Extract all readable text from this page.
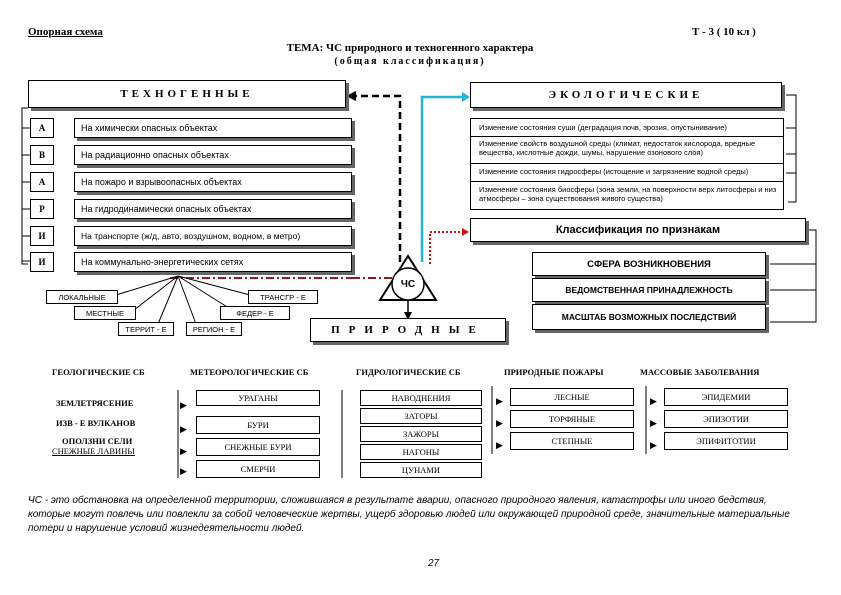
Опорная схема	Т - 3 ( 10 кл )
ТЕМА: ЧС природного и техногенного характера
(общая классификация)
ТЕХНОГЕННЫЕ
А	На химически опасных объектах
В	На радиационно опасных объектах
А	На пожаро и взрывоопасных объектах
Р	На гидродинамически опасных объектах
И	На транспорте (ж/д, авто, воздушном, водном, в метро)
И	На коммунально-энергетических сетях
ЭКОЛОГИЧЕСКИЕ
Изменение состояния суши (деградация почв, эрозия, опустынивание)
Изменение свойств воздушной среды (климат, недостаток кислорода, вредные вещества, кислотные дожди, шумы, нарушение озонового слоя)
Изменение состояния гидросферы (истощение и загрязнение водной среды)
Изменение состояния биосферы (зона земли, на поверхности верх литосферы и низ атмосферы – зона существования живого существа)
Классификация по признакам
СФЕРА ВОЗНИКНОВЕНИЯ
ВЕДОМСТВЕННАЯ ПРИНАДЛЕЖНОСТЬ
МАСШТАБ ВОЗМОЖНЫХ ПОСЛЕДСТВИЙ
ЧС
ЛОКАЛЬНЫЕ	ТРАНСГР - Е
МЕСТНЫЕ	ФЕДЕР - Е
ТЕРРИТ - Е	РЕГИОН - Е	ПРИРОДНЫЕ
ГЕОЛОГИЧЕСКИЕ СБ	МЕТЕОРОЛОГИЧЕСКИЕ СБ	ГИДРОЛОГИЧЕСКИЕ СБ	ПРИРОДНЫЕ ПОЖАРЫ	МАССОВЫЕ ЗАБОЛЕВАНИЯ
ЗЕМЛЕТРЯСЕНИЕ
ИЗВ - Е ВУЛКАНОВ
ОПОЛЗНИ СЕЛИ
СНЕЖНЫЕ ЛАВИНЫ
▶
УРАГАНЫ
▶	БУРИ
▶	СНЕЖНЫЕ БУРИ
▶	СМЕРЧИ
НАВОДНЕНИЯ
ЗАТОРЫ
ЗАЖОРЫ
НАГОНЫ
ЦУНАМИ
▶	ЛЕСНЫЕ
▶	ТОРФЯНЫЕ
▶	СТЕПНЫЕ
▶	ЭПИДЕМИИ
▶	ЭПИЗОТИИ
▶	ЭПИФИТОТИИ
ЧС - это обстановка на определенной территории, сложившаяся в результате аварии, опасного природного явления, катастрофы или иного бедствия, которые могут повлечь или повлекли за собой человеческие жертвы, ущерб здоровью людей или окружающей природной среде, значительные материальные потери и нарушение условий жизнедеятельности людей.
27
